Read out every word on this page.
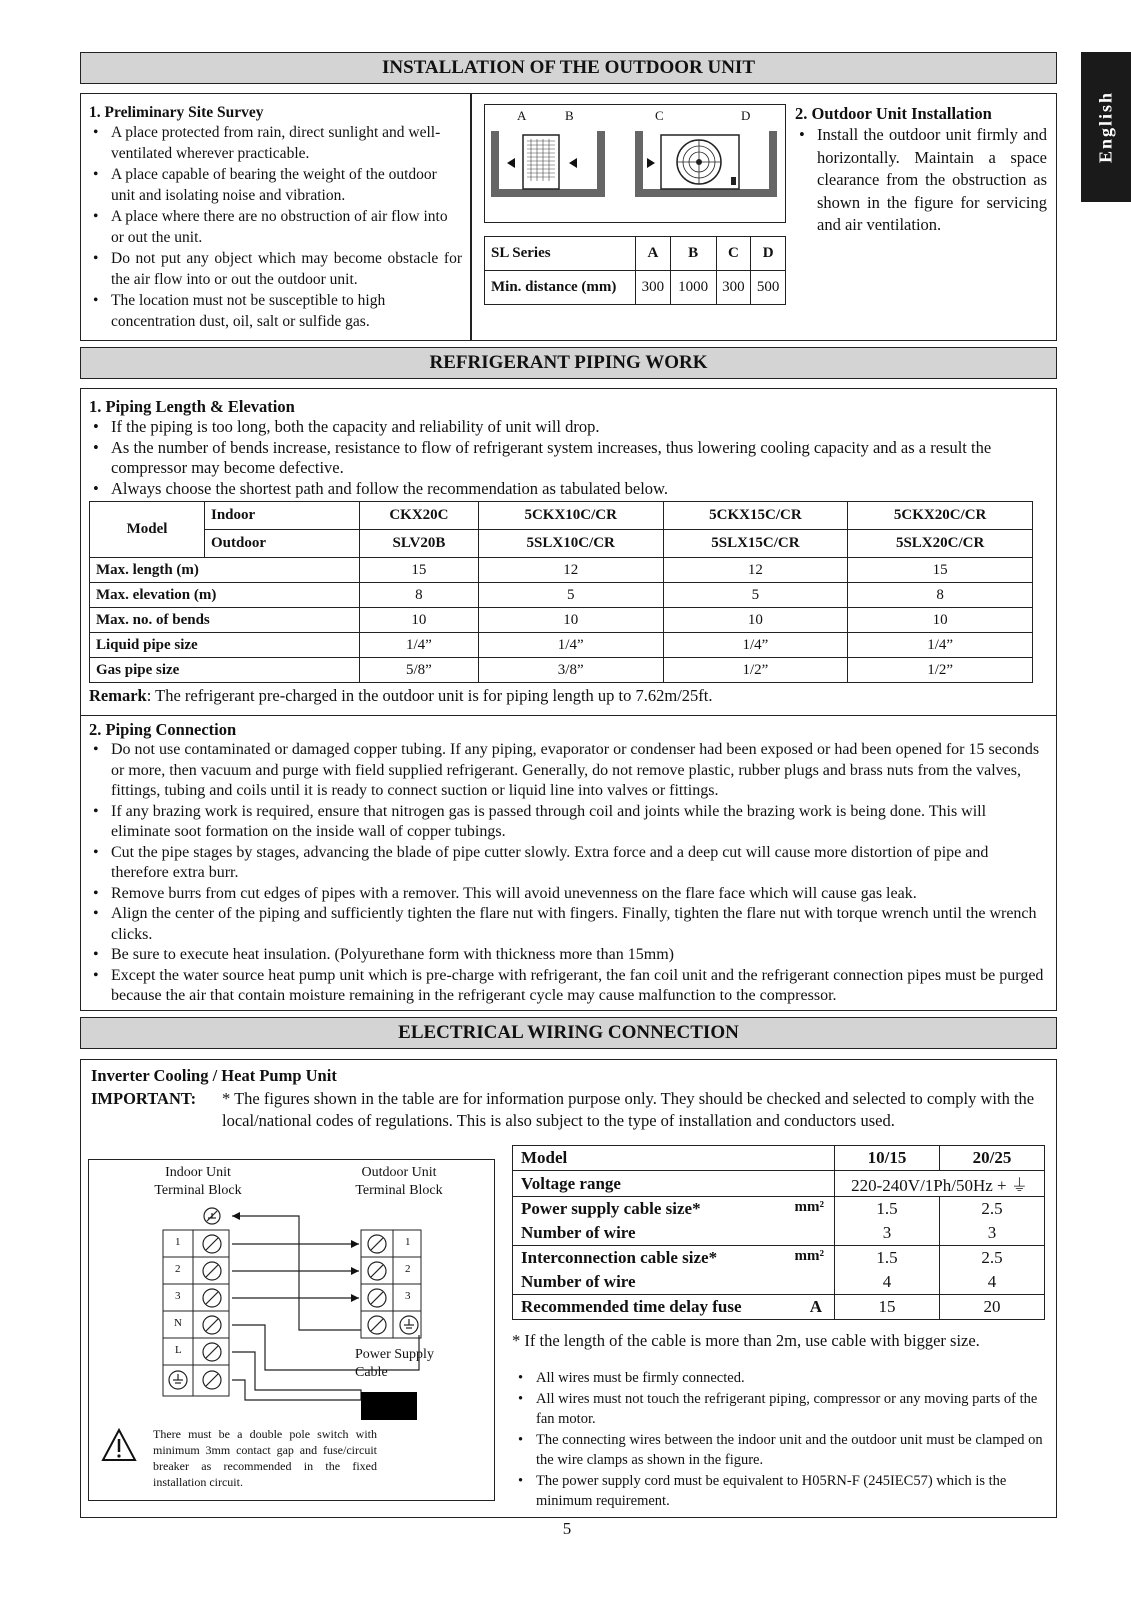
English
INSTALLATION OF THE OUTDOOR UNIT
1. Preliminary Site Survey
• A place protected from rain, direct sunlight and well-ventilated wherever practicable.
• A place capable of bearing the weight of the outdoor unit and isolating noise and vibration.
• A place where there are no obstruction of air flow into or out the unit.
• Do not put any object which may become obstacle for the air flow into or out the outdoor unit.
• The location must not be susceptible to high concentration dust, oil, salt or sulfide gas.
A	B	C	D
SL Series	A	B	C	D
Min. distance (mm)	300	1000	300	500
2. Outdoor Unit Installation
• Install the outdoor unit firmly and horizontally. Maintain a space clearance from the obstruction as shown in the figure for servicing and air ventilation.
REFRIGERANT PIPING WORK
1. Piping Length & Elevation
• If the piping is too long, both the capacity and reliability of unit will drop.
• As the number of bends increase, resistance to flow of refrigerant system increases, thus lowering cooling capacity and as a result the compressor may become defective.
• Always choose the shortest path and follow the recommendation as tabulated below.
Model	Indoor	CKX20C	5CKX10C/CR	5CKX15C/CR	5CKX20C/CR
	Outdoor	SLV20B	5SLX10C/CR	5SLX15C/CR	5SLX20C/CR
Max. length (m)		15	12	12	15
Max. elevation (m)		8	5	5	8
Max. no. of bends		10	10	10	10
Liquid pipe size		1/4”	1/4”	1/4”	1/4”
Gas pipe size		5/8”	3/8”	1/2”	1/2”
Remark: The refrigerant pre-charged in the outdoor unit is for piping length up to 7.62m/25ft.
2. Piping Connection
• Do not use contaminated or damaged copper tubing. If any piping, evaporator or condenser had been exposed or had been opened for 15 seconds or more, then vacuum and purge with field supplied refrigerant. Generally, do not remove plastic, rubber plugs and brass nuts from the valves, fittings, tubing and coils until it is ready to connect suction or liquid line into valves or fittings.
• If any brazing work is required, ensure that nitrogen gas is passed through coil and joints while the brazing work is being done. This will eliminate soot formation on the inside wall of copper tubings.
• Cut the pipe stages by stages, advancing the blade of pipe cutter slowly. Extra force and a deep cut will cause more distortion of pipe and therefore extra burr.
• Remove burrs from cut edges of pipes with a remover. This will avoid unevenness on the flare face which will cause gas leak.
• Align the center of the piping and sufficiently tighten the flare nut with fingers. Finally, tighten the flare nut with torque wrench until the wrench clicks.
• Be sure to execute heat insulation. (Polyurethane form with thickness more than 15mm)
• Except the water source heat pump unit which is pre-charge with refrigerant, the fan coil unit and the refrigerant connection pipes must be purged because the air that contain moisture remaining in the refrigerant cycle may cause malfunction to the compressor.
ELECTRICAL WIRING CONNECTION
Inverter Cooling / Heat Pump Unit
IMPORTANT: * The figures shown in the table are for information purpose only. They should be checked and selected to comply with the local/national codes of regulations. This is also subject to the type of installation and conductors used.
Indoor Unit
Terminal Block
Outdoor Unit
Terminal Block
1
2
3
N
L
1
2
3
Power Supply
Cable
There must be a double pole switch with minimum 3mm contact gap and fuse/circuit breaker as recommended in the fixed installation circuit.
Model	10/15	20/25
Voltage range	220-240V/1Ph/50Hz + ⏚	
Power supply cable size* mm²	1.5	2.5
Number of wire	3	3
Interconnection cable size* mm²	1.5	2.5
Number of wire	4	4
Recommended time delay fuse A	15	20
* If the length of the cable is more than 2m, use cable with bigger size.
• All wires must be firmly connected.
• All wires must not touch the refrigerant piping, compressor or any moving parts of the fan motor.
• The connecting wires between the indoor unit and the outdoor unit must be clamped on the wire clamps as shown in the figure.
• The power supply cord must be equivalent to H05RN-F (245IEC57) which is the minimum requirement.
5
